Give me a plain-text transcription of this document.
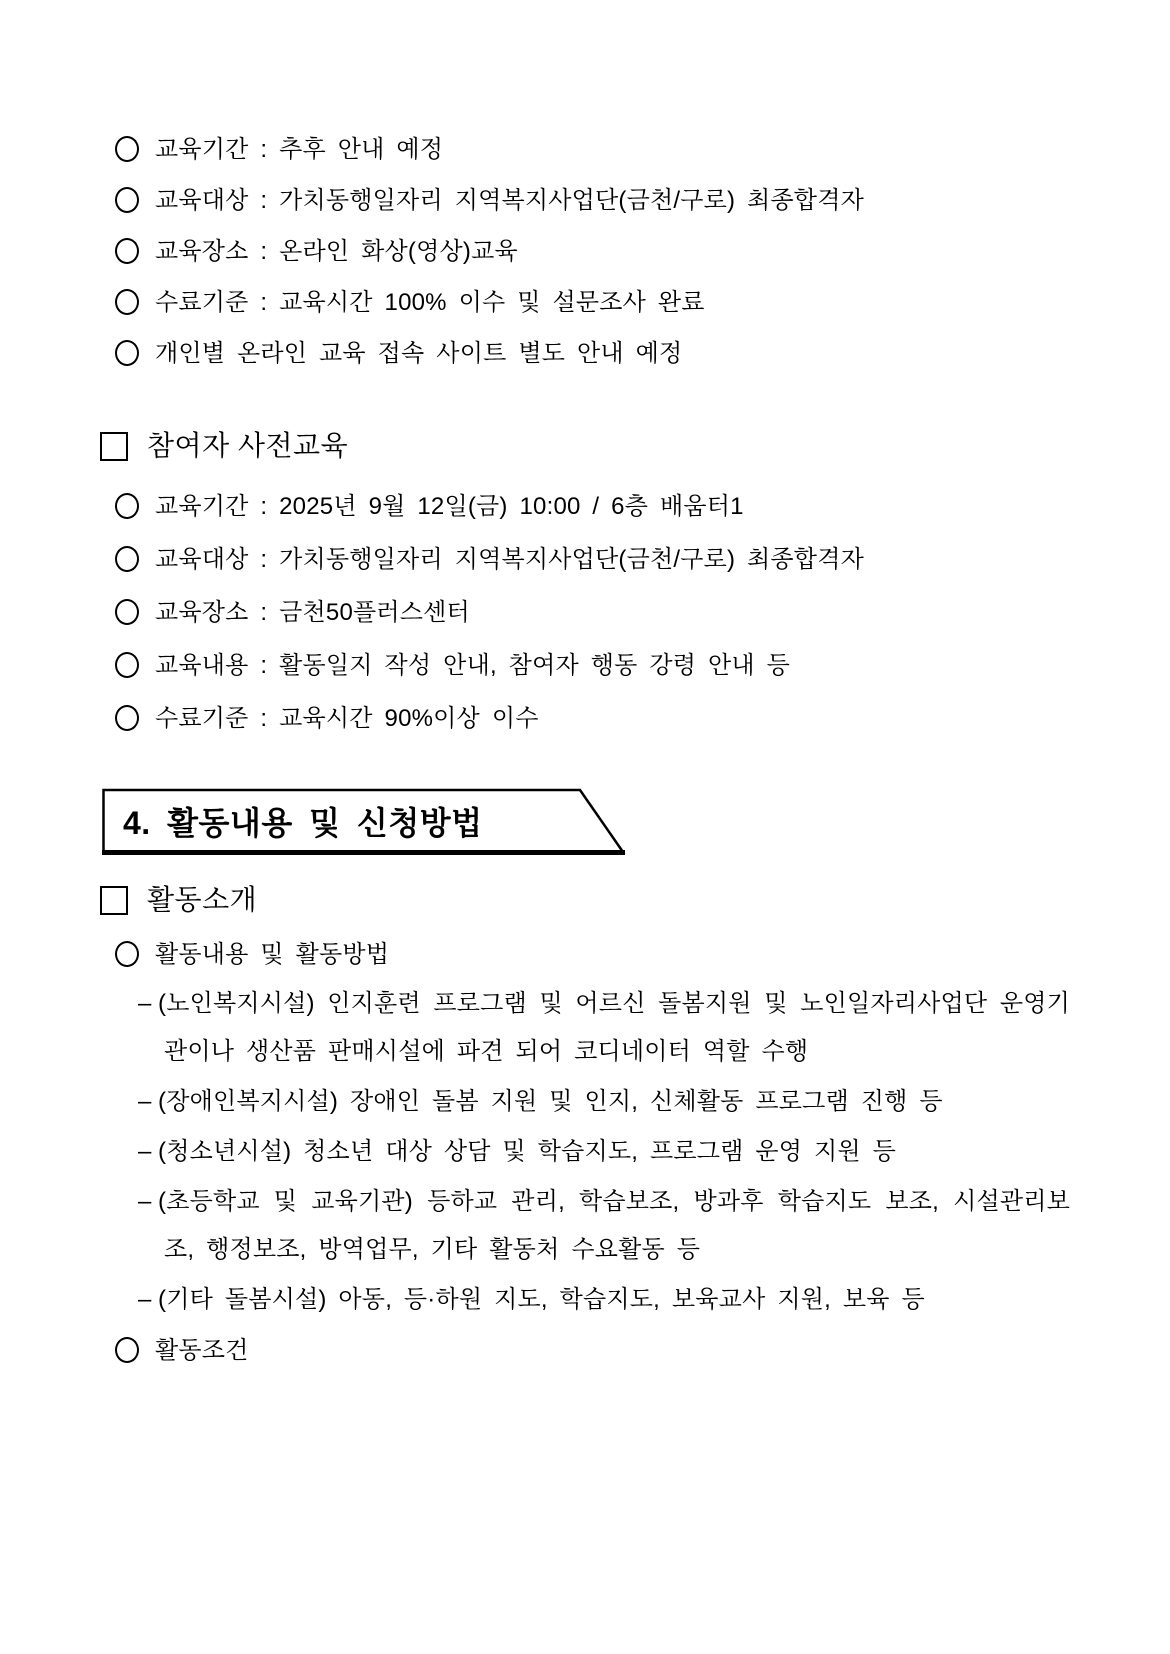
교육기간 : 추후 안내 예정
교육대상 : 가치동행일자리 지역복지사업단(금천/구로) 최종합격자
교육장소 : 온라인 화상(영상)교육
수료기준 : 교육시간 100% 이수 및 설문조사 완료
개인별 온라인 교육 접속 사이트 별도 안내 예정
참여자 사전교육
교육기간 : 2025년 9월 12일(금) 10:00 / 6층 배움터1
교육대상 : 가치동행일자리 지역복지사업단(금천/구로) 최종합격자
교육장소 : 금천50플러스센터
교육내용 : 활동일지 작성 안내, 참여자 행동 강령 안내 등
수료기준 : 교육시간 90%이상 이수
4. 활동내용 및 신청방법
활동소개
활동내용 및 활동방법
– (노인복지시설) 인지훈련 프로그램 및 어르신 돌봄지원 및 노인일자리사업단 운영기관이나 생산품 판매시설에 파견 되어 코디네이터 역할 수행
– (장애인복지시설) 장애인 돌봄 지원 및 인지, 신체활동 프로그램 진행 등
– (청소년시설) 청소년 대상 상담 및 학습지도, 프로그램 운영 지원 등
– (초등학교 및 교육기관) 등하교 관리, 학습보조, 방과후 학습지도 보조, 시설관리보조, 행정보조, 방역업무, 기타 활동처 수요활동 등
– (기타 돌봄시설) 아동, 등·하원 지도, 학습지도, 보육교사 지원, 보육 등
활동조건
